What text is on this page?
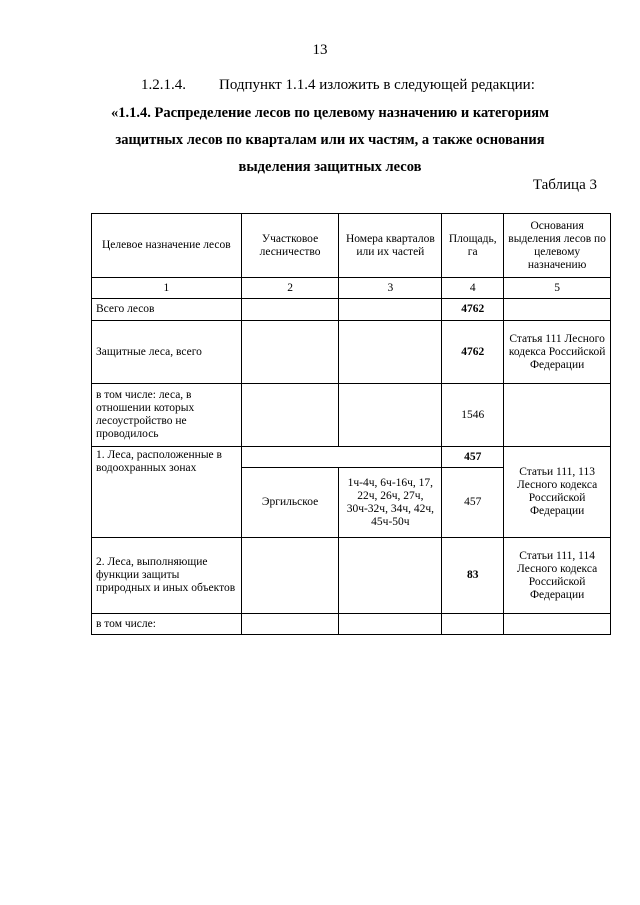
13
1.2.1.4. Подпункт 1.1.4 изложить в следующей редакции:
«1.1.4. Распределение лесов по целевому назначению и категориям
защитных лесов по кварталам или их частям, а также основания
выделения защитных лесов
Таблица 3
Целевое назначение лесов	Участковое лесничество	Номера кварталов или их частей	Площадь, га	Основания выделения лесов по целевому назначению
1	2	3	4	5
Всего лесов			4762	
Защитные леса, всего			4762	Статья 111 Лесного кодекса Российской Федерации
в том числе: леса, в отношении которых лесоустройство не проводилось			1546	
1. Леса, расположенные в водоохранных зонах			457	Статьи 111, 113 Лесного кодекса Российской Федерации
	Эргильское	1ч-4ч, 6ч-16ч, 17, 22ч, 26ч, 27ч, 30ч-32ч, 34ч, 42ч, 45ч-50ч	457	
2. Леса, выполняющие функции защиты природных и иных объектов			83	Статьи 111, 114 Лесного кодекса Российской Федерации
в том числе:				
